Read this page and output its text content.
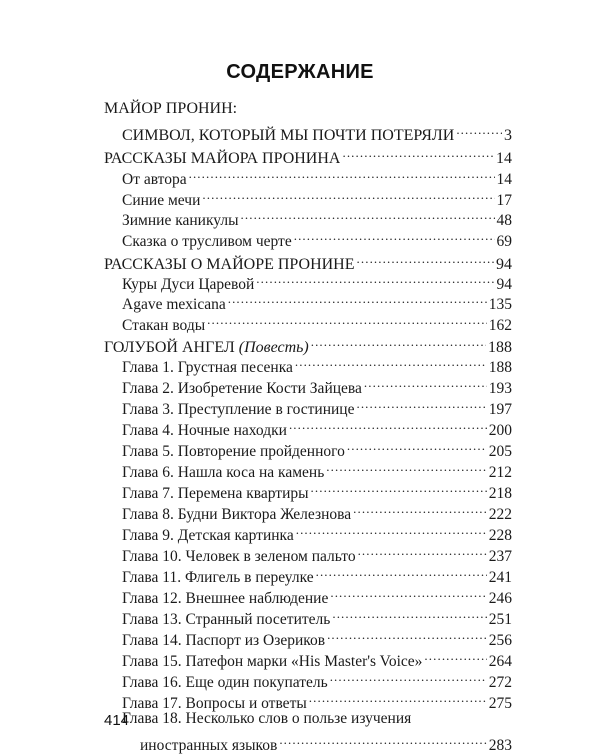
СОДЕРЖАНИЕ
МАЙОР ПРОНИН:
СИМВОЛ, КОТОРЫЙ МЫ ПОЧТИ ПОТЕРЯЛИ .....	3
РАССКАЗЫ МАЙОРА ПРОНИНА .....	14
От автора .....	14
Синие мечи .....	17
Зимние каникулы .....	48
Сказка о трусливом черте .....	69
РАССКАЗЫ О МАЙОРЕ ПРОНИНЕ .....	94
Куры Дуси Царевой .....	94
Agave mexicana .....	135
Стакан воды .....	162
ГОЛУБОЙ АНГЕЛ (Повесть) .....	188
Глава 1. Грустная песенка .....	188
Глава 2. Изобретение Кости Зайцева .....	193
Глава 3. Преступление в гостинице .....	197
Глава 4. Ночные находки .....	200
Глава 5. Повторение пройденного .....	205
Глава 6. Нашла коса на камень .....	212
Глава 7. Перемена квартиры .....	218
Глава 8. Будни Виктора Железнова .....	222
Глава 9. Детская картинка .....	228
Глава 10. Человек в зеленом пальто .....	237
Глава 11. Флигель в переулке .....	241
Глава 12. Внешнее наблюдение .....	246
Глава 13. Странный посетитель .....	251
Глава 14. Паспорт из Озериков .....	256
Глава 15. Патефон марки «His Master's Voice» .....	264
Глава 16. Еще один покупатель .....	272
Глава 17. Вопросы и ответы .....	275
Глава 18. Несколько слов о пользе изучения
иностранных языков .....	283
414
